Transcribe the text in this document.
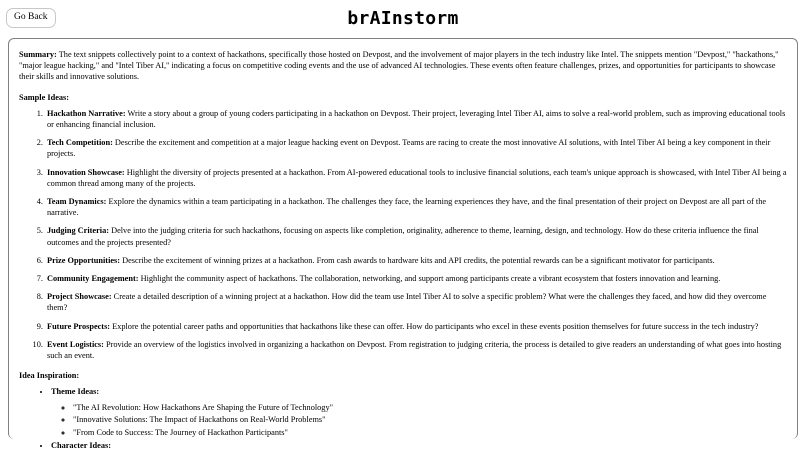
Go Back	brAInstorm

Summary: The text snippets collectively point to a context of hackathons, specifically those hosted on Devpost, and the involvement of major players in the tech industry like Intel. The snippets mention "Devpost," "hackathons," "major league hacking," and "Intel Tiber AI," indicating a focus on competitive coding events and the use of advanced AI technologies. These events often feature challenges, prizes, and opportunities for participants to showcase their skills and innovative solutions.

Sample Ideas:
1. Hackathon Narrative: Write a story about a group of young coders participating in a hackathon on Devpost. Their project, leveraging Intel Tiber AI, aims to solve a real-world problem, such as improving educational tools or enhancing financial inclusion.
2. Tech Competition: Describe the excitement and competition at a major league hacking event on Devpost. Teams are racing to create the most innovative AI solutions, with Intel Tiber AI being a key component in their projects.
3. Innovation Showcase: Highlight the diversity of projects presented at a hackathon. From AI-powered educational tools to inclusive financial solutions, each team's unique approach is showcased, with Intel Tiber AI being a common thread among many of the projects.
4. Team Dynamics: Explore the dynamics within a team participating in a hackathon. The challenges they face, the learning experiences they have, and the final presentation of their project on Devpost are all part of the narrative.
5. Judging Criteria: Delve into the judging criteria for such hackathons, focusing on aspects like completion, originality, adherence to theme, learning, design, and technology. How do these criteria influence the final outcomes and the projects presented?
6. Prize Opportunities: Describe the excitement of winning prizes at a hackathon. From cash awards to hardware kits and API credits, the potential rewards can be a significant motivator for participants.
7. Community Engagement: Highlight the community aspect of hackathons. The collaboration, networking, and support among participants create a vibrant ecosystem that fosters innovation and learning.
8. Project Showcase: Create a detailed description of a winning project at a hackathon. How did the team use Intel Tiber AI to solve a specific problem? What were the challenges they faced, and how did they overcome them?
9. Future Prospects: Explore the potential career paths and opportunities that hackathons like these can offer. How do participants who excel in these events position themselves for future success in the tech industry?
10. Event Logistics: Provide an overview of the logistics involved in organizing a hackathon on Devpost. From registration to judging criteria, the process is detailed to give readers an understanding of what goes into hosting such an event.
Idea Inspiration:
• Theme Ideas:
◦ "The AI Revolution: How Hackathons Are Shaping the Future of Technology"
◦ "Innovative Solutions: The Impact of Hackathons on Real-World Problems"
◦ "From Code to Success: The Journey of Hackathon Participants"
• Character Ideas:
